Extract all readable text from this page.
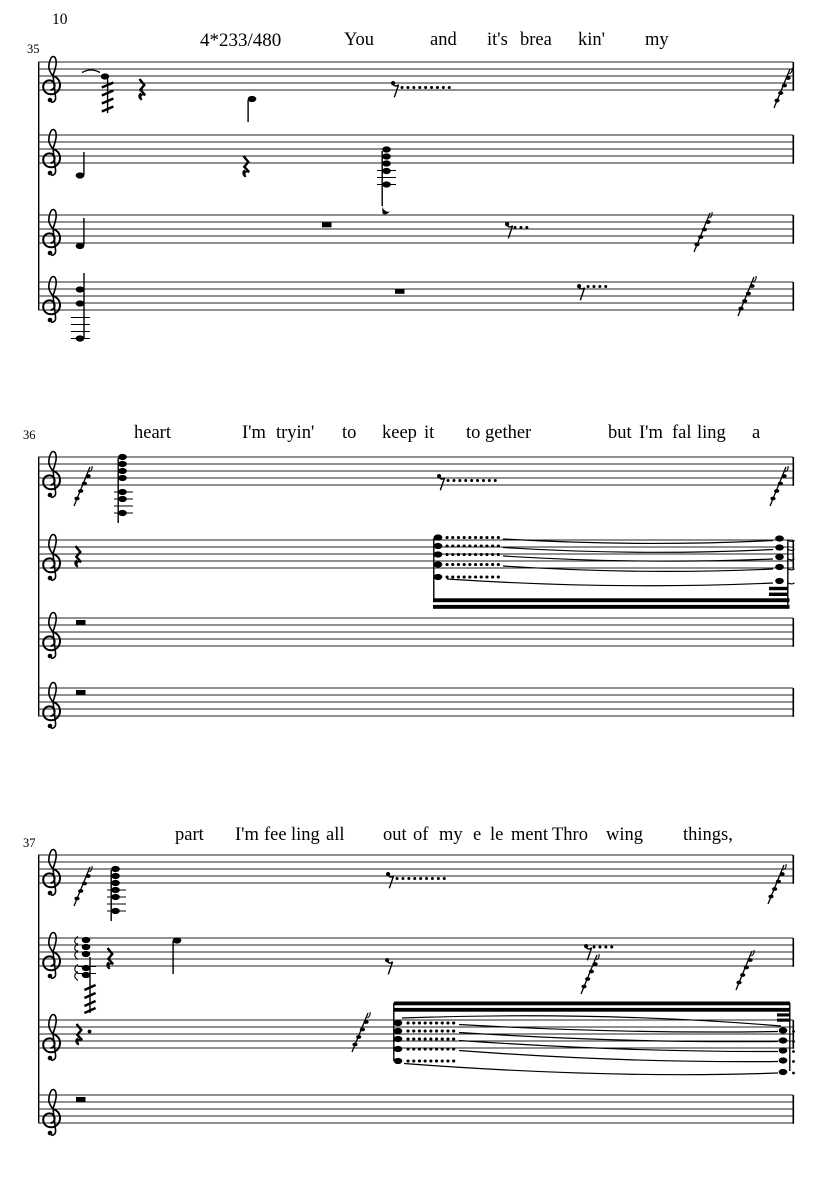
10
4*233/480
35
36
37
You	and it's brea kin' my
heart	I'm tryin' to keep it to gether	but I'm fal ling a
part I'm fee ling all out of my e le ment Thro wing things,
